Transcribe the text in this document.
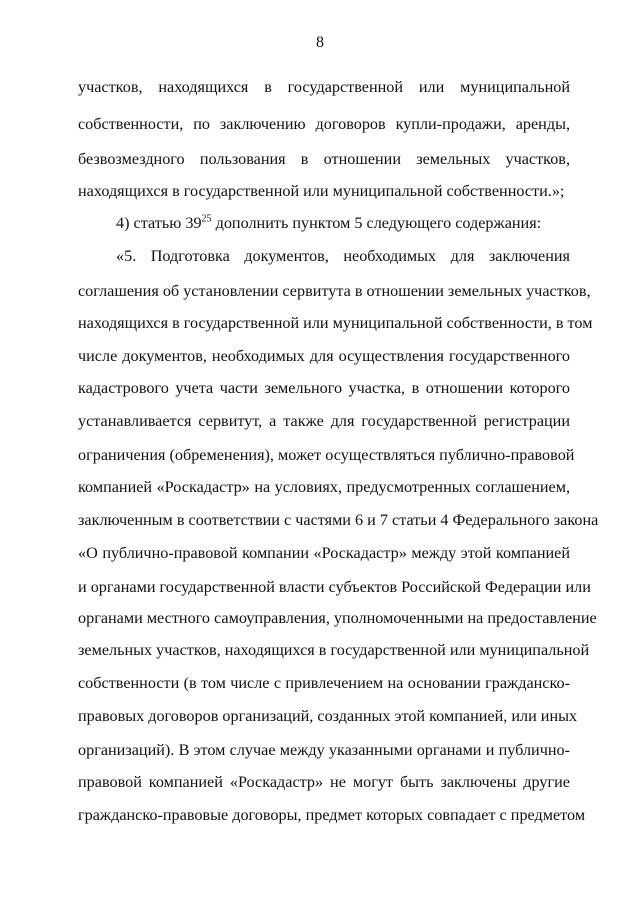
8
участков, находящихся в государственной или муниципальной
собственности, по заключению договоров купли-продажи, аренды,
безвозмездного пользования в отношении земельных участков,
находящихся в государственной или муниципальной собственности.»;
4) статью $39^{25}$ дополнить пунктом 5 следующего содержания:
«5. Подготовка документов, необходимых для заключения
соглашения об установлении сервитута в отношении земельных участков,
находящихся в государственной или муниципальной собственности, в том
числе документов, необходимых для осуществления государственного
кадастрового учета части земельного участка, в отношении которого
устанавливается сервитут, а также для государственной регистрации
ограничения (обременения), может осуществляться публично-правовой
компанией «Роскадастр» на условиях, предусмотренных соглашением,
заключенным в соответствии с частями 6 и 7 статьи 4 Федерального закона
«О публично-правовой компании «Роскадастр» между этой компанией
и органами государственной власти субъектов Российской Федерации или
органами местного самоуправления, уполномоченными на предоставление
земельных участков, находящихся в государственной или муниципальной
собственности (в том числе с привлечением на основании гражданско-
правовых договоров организаций, созданных этой компанией, или иных
организаций). В этом случае между указанными органами и публично-
правовой компанией «Роскадастр» не могут быть заключены другие
гражданско-правовые договоры, предмет которых совпадает с предметом
